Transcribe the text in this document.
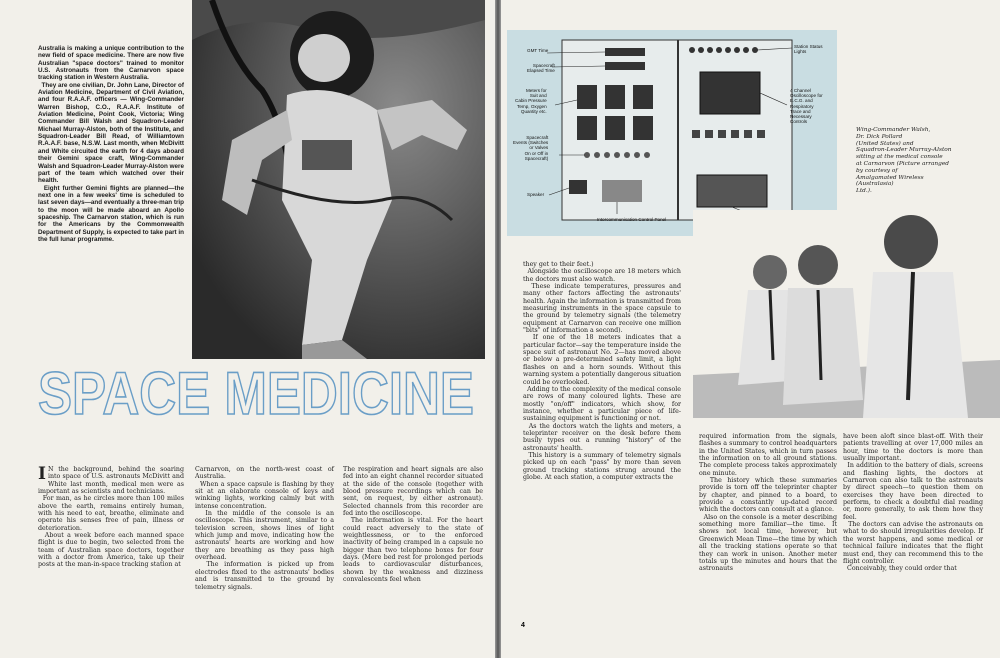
Australia is making a unique contribution to the new field of space medicine. There are now five Australian "space doctors" trained to monitor U.S. Astronauts from the Carnarvon space tracking station in Western Australia.
They are one civilian, Dr. John Lane, Director of Aviation Medicine, Department of Civil Aviation, and four R.A.A.F. officers — Wing-Commander Warren Bishop, C.O., R.A.A.F. Institute of Aviation Medicine, Point Cook, Victoria; Wing Commander Bill Walsh and Squadron-Leader Michael Murray-Alston, both of the Institute, and Squadron-Leader Bill Read, of Williamtown R.A.A.F. base, N.S.W. Last month, when McDivitt and White circuited the earth for 4 days aboard their Gemini space craft, Wing-Commander Walsh and Squadron-Leader Murray-Alston were part of the team which watched over their health.
Eight further Gemini flights are planned—the next one in a few weeks' time is scheduled to last seven days—and eventually a three-man trip to the moon will be made aboard an Apollo spaceship. The Carnarvon station, which is run for the Americans by the Commonwealth Department of Supply, is expected to take part in the full lunar programme.

SPACE MEDICINE

I N the background, behind the soaring into space of U.S. astronauts McDivitt and White last month, medical men were as important as scientists and technicians.
For man, as he circles more than 100 miles above the earth, remains entirely human, with his need to eat, breathe, eliminate and operate his senses free of pain, illness or deterioration.
About a week before each manned space flight is due to begin, two selected from the team of Australian space doctors, together with a doctor from America, take up their posts at the man-in-space tracking station at

Carnarvon, on the north-west coast of Australia.
When a space capsule is flashing by they sit at an elaborate console of keys and winking lights, working calmly but with intense concentration.
In the middle of the console is an oscilloscope. This instrument, similar to a television screen, shows lines of light which jump and move, indicating how the astronauts' hearts are working and how they are breathing as they pass high overhead.
The information is picked up from electrodes fixed to the astronauts' bodies and is transmitted to the ground by telemetry signals.

The respiration and heart signals are also fed into an eight channel recorder situated at the side of the console (together with blood pressure recordings which can be sent, on request, by either astronaut). Selected channels from this recorder are fed into the oscilloscope.
The information is vital. For the heart could react adversely to the state of weightlessness, or to the enforced inactivity of being cramped in a capsule no bigger than two telephone boxes for four days. (Mere bed rest for prolonged periods leads to cardiovascular disturbances, shown by the weakness and dizziness convalescents feel when

GMT Time
Spacecraft
Elapsed Time
Meters for
Suit and
Cabin Pressure
Temp, Oxygen
Quantity etc.
Spacecraft
Events (Switches
or Valves
On or Off in
Spacecraft)
Speaker
Intercommunication Control Panel
Station Status
Lights
4 Channel
Oscilloscope for
E.C.G. and
Respiratory
Trace and
Necessary
Controls

Wing-Commander Walsh,
Dr. Dick Pollard
(United States) and
Squadron-Leader Murray-Alston
sitting at the medical console
at Carnarvon (Picture arranged
by courtesy of
Amalgamated Wireless
(Australasia)
Ltd.).

they get to their feet.)
Alongside the oscilloscope are 18 meters which the doctors must also watch.
These indicate temperatures, pressures and many other factors affecting the astronauts' health. Again the information is transmitted from measuring instruments in the space capsule to the ground by telemetry signals (the telemetry equipment at Carnarvon can receive one million "bits" of information a second).
If one of the 18 meters indicates that a particular factor—say the temperature inside the space suit of astronaut No. 2—has moved above or below a pre-determined safety limit, a light flashes on and a horn sounds. Without this warning system a potentially dangerous situation could be overlooked.
Adding to the complexity of the medical console are rows of many coloured lights. These are mostly "on/off" indicators, which show, for instance, whether a particular piece of life-sustaining equipment is functioning or not.
As the doctors watch the lights and meters, a teleprinter receiver on the desk before them busily types out a running "history" of the astronauts' health.
This history is a summary of telemetry signals picked up on each "pass" by more than seven ground tracking stations strung around the globe. At each station, a computer extracts the

required information from the signals, flashes a summary to control headquarters in the United States, which in turn passes the information on to all ground stations. The complete process takes approximately one minute.
The history which these summaries provide is torn off the teleprinter chapter by chapter, and pinned to a board, to provide a constantly up-dated record which the doctors can consult at a glance.
Also on the console is a meter describing something more familiar—the time. It shows not local time, however, but Greenwich Mean Time—the time by which all the tracking stations operate so that they can work in unison. Another meter totals up the minutes and hours that the astronauts

have been aloft since blast-off. With their patients travelling at over 17,000 miles an hour, time to the doctors is more than usually important.
In addition to the battery of dials, screens and flashing lights, the doctors at Carnarvon can also talk to the astronauts by direct speech—to question them on exercises they have been directed to perform, to check a doubtful dial reading or, more generally, to ask them how they feel.
The doctors can advise the astronauts on what to do should irregularities develop. If the worst happens, and some medical or technical failure indicates that the flight must end, they can recommend this to the flight controller.
Conceivably, they could order that

4
